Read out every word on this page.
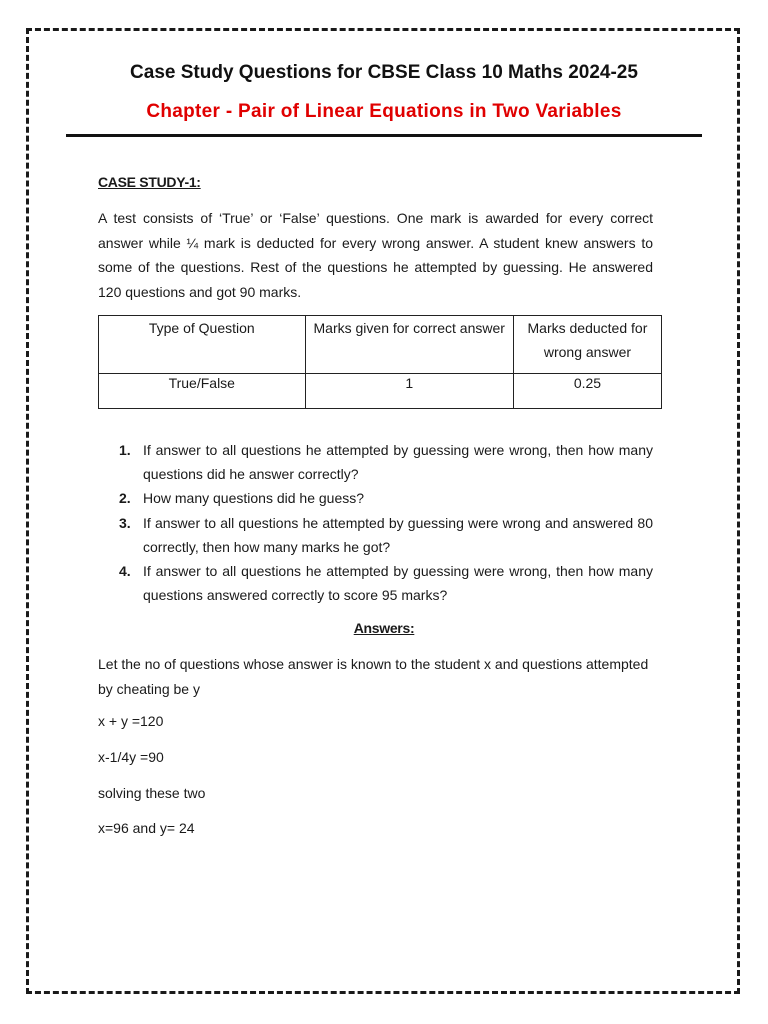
Case Study Questions for CBSE Class 10 Maths 2024-25
Chapter - Pair of Linear Equations in Two Variables
CASE STUDY-1:

A test consists of ‘True’ or ‘False’ questions. One mark is awarded for every correct answer while ¼ mark is deducted for every wrong answer. A student knew answers to some of the questions. Rest of the questions he attempted by guessing. He answered 120 questions and got 90 marks.

Type of Question	Marks given for correct answer	Marks deducted for wrong answer
True/False	1	0.25
1. If answer to all questions he attempted by guessing were wrong, then how many questions did he answer correctly?
2. How many questions did he guess?
3. If answer to all questions he attempted by guessing were wrong and answered 80 correctly, then how many marks he got?
4. If answer to all questions he attempted by guessing were wrong, then how many questions answered correctly to score 95 marks?
Answers:

Let the no of questions whose answer is known to the student x and questions attempted by cheating be y

x + y =120

x-1/4y =90

solving these two

x=96 and y= 24
